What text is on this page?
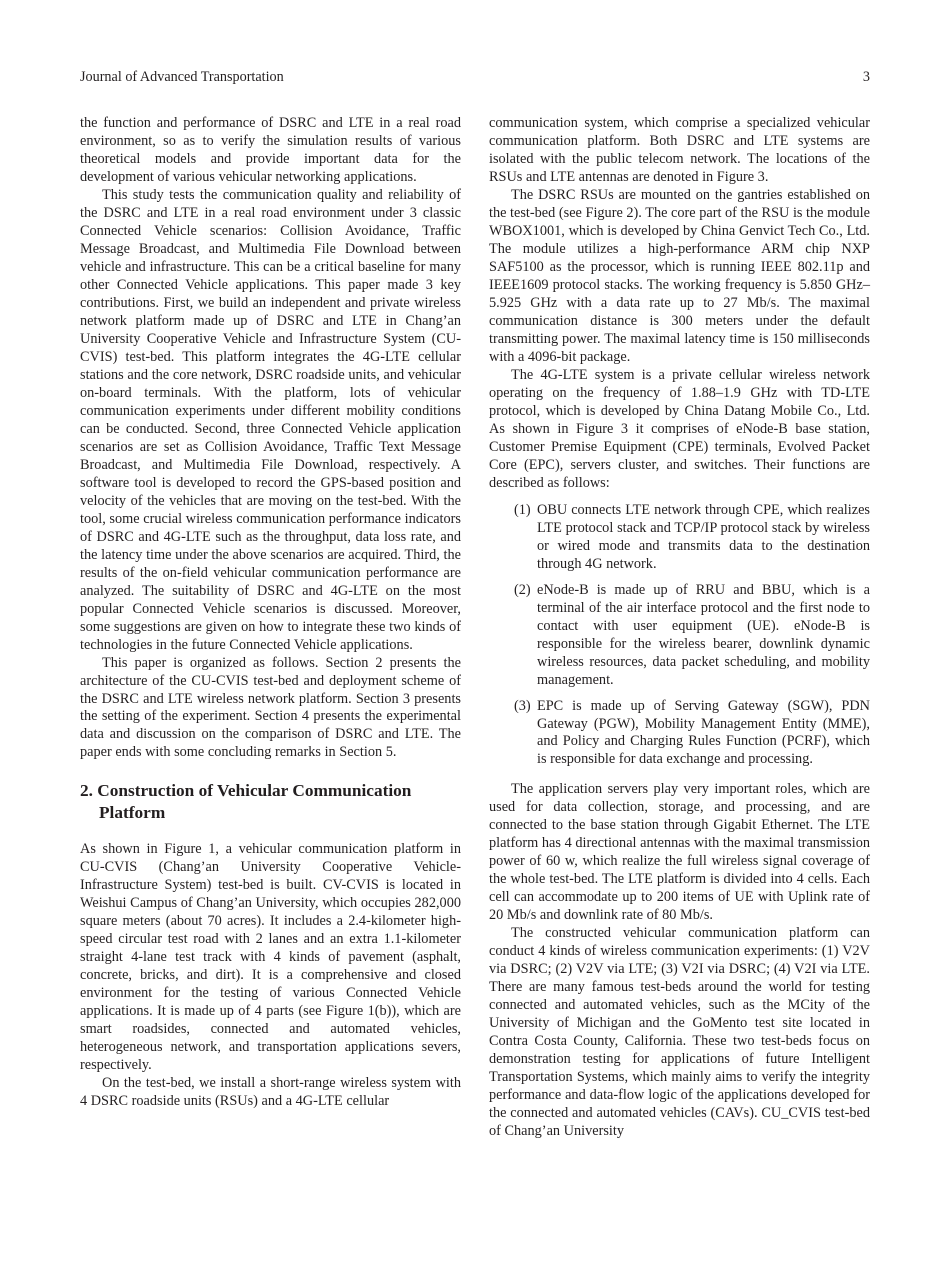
Journal of Advanced Transportation	3

the function and performance of DSRC and LTE in a real road environment, so as to verify the simulation results of various theoretical models and provide important data for the development of various vehicular networking applications.

This study tests the communication quality and reliability of the DSRC and LTE in a real road environment under 3 classic Connected Vehicle scenarios: Collision Avoidance, Traffic Message Broadcast, and Multimedia File Download between vehicle and infrastructure. This can be a critical baseline for many other Connected Vehicle applications. This paper made 3 key contributions. First, we build an independent and private wireless network platform made up of DSRC and LTE in Chang’an University Cooperative Vehicle and Infrastructure System (CU-CVIS) test-bed. This platform integrates the 4G-LTE cellular stations and the core network, DSRC roadside units, and vehicular on-board terminals. With the platform, lots of vehicular communication experiments under different mobility conditions can be conducted. Second, three Connected Vehicle application scenarios are set as Collision Avoidance, Traffic Text Message Broadcast, and Multimedia File Download, respectively. A software tool is developed to record the GPS-based position and velocity of the vehicles that are moving on the test-bed. With the tool, some crucial wireless communication performance indicators of DSRC and 4G-LTE such as the throughput, data loss rate, and the latency time under the above scenarios are acquired. Third, the results of the on-field vehicular communication performance are analyzed. The suitability of DSRC and 4G-LTE on the most popular Connected Vehicle scenarios is discussed. Moreover, some suggestions are given on how to integrate these two kinds of technologies in the future Connected Vehicle applications.

This paper is organized as follows. Section 2 presents the architecture of the CU-CVIS test-bed and deployment scheme of the DSRC and LTE wireless network platform. Section 3 presents the setting of the experiment. Section 4 presents the experimental data and discussion on the comparison of DSRC and LTE. The paper ends with some concluding remarks in Section 5.

2. Construction of Vehicular Communication Platform

As shown in Figure 1, a vehicular communication platform in CU-CVIS (Chang’an University Cooperative Vehicle-Infrastructure System) test-bed is built. CV-CVIS is located in Weishui Campus of Chang’an University, which occupies 282,000 square meters (about 70 acres). It includes a 2.4-kilometer high-speed circular test road with 2 lanes and an extra 1.1-kilometer straight 4-lane test track with 4 kinds of pavement (asphalt, concrete, bricks, and dirt). It is a comprehensive and closed environment for the testing of various Connected Vehicle applications. It is made up of 4 parts (see Figure 1(b)), which are smart roadsides, connected and automated vehicles, heterogeneous network, and transportation applications severs, respectively.

On the test-bed, we install a short-range wireless system with 4 DSRC roadside units (RSUs) and a 4G-LTE cellular

communication system, which comprise a specialized vehicular communication platform. Both DSRC and LTE systems are isolated with the public telecom network. The locations of the RSUs and LTE antennas are denoted in Figure 3.

The DSRC RSUs are mounted on the gantries established on the test-bed (see Figure 2). The core part of the RSU is the module WBOX1001, which is developed by China Genvict Tech Co., Ltd. The module utilizes a high-performance ARM chip NXP SAF5100 as the processor, which is running IEEE 802.11p and IEEE1609 protocol stacks. The working frequency is 5.850 GHz–5.925 GHz with a data rate up to 27 Mb/s. The maximal communication distance is 300 meters under the default transmitting power. The maximal latency time is 150 milliseconds with a 4096-bit package.

The 4G-LTE system is a private cellular wireless network operating on the frequency of 1.88–1.9 GHz with TD-LTE protocol, which is developed by China Datang Mobile Co., Ltd. As shown in Figure 3 it comprises of eNode-B base station, Customer Premise Equipment (CPE) terminals, Evolved Packet Core (EPC), servers cluster, and switches. Their functions are described as follows:

(1) OBU connects LTE network through CPE, which realizes LTE protocol stack and TCP/IP protocol stack by wireless or wired mode and transmits data to the destination through 4G network.
(2) eNode-B is made up of RRU and BBU, which is a terminal of the air interface protocol and the first node to contact with user equipment (UE). eNode-B is responsible for the wireless bearer, downlink dynamic wireless resources, data packet scheduling, and mobility management.
(3) EPC is made up of Serving Gateway (SGW), PDN Gateway (PGW), Mobility Management Entity (MME), and Policy and Charging Rules Function (PCRF), which is responsible for data exchange and processing.

The application servers play very important roles, which are used for data collection, storage, and processing, and are connected to the base station through Gigabit Ethernet. The LTE platform has 4 directional antennas with the maximal transmission power of 60 w, which realize the full wireless signal coverage of the whole test-bed. The LTE platform is divided into 4 cells. Each cell can accommodate up to 200 items of UE with Uplink rate of 20 Mb/s and downlink rate of 80 Mb/s.

The constructed vehicular communication platform can conduct 4 kinds of wireless communication experiments: (1) V2V via DSRC; (2) V2V via LTE; (3) V2I via DSRC; (4) V2I via LTE. There are many famous test-beds around the world for testing connected and automated vehicles, such as the MCity of the University of Michigan and the GoMento test site located in Contra Costa County, California. These two test-beds focus on demonstration testing for applications of future Intelligent Transportation Systems, which mainly aims to verify the integrity performance and data-flow logic of the applications developed for the connected and automated vehicles (CAVs). CU_CVIS test-bed of Chang’an University
